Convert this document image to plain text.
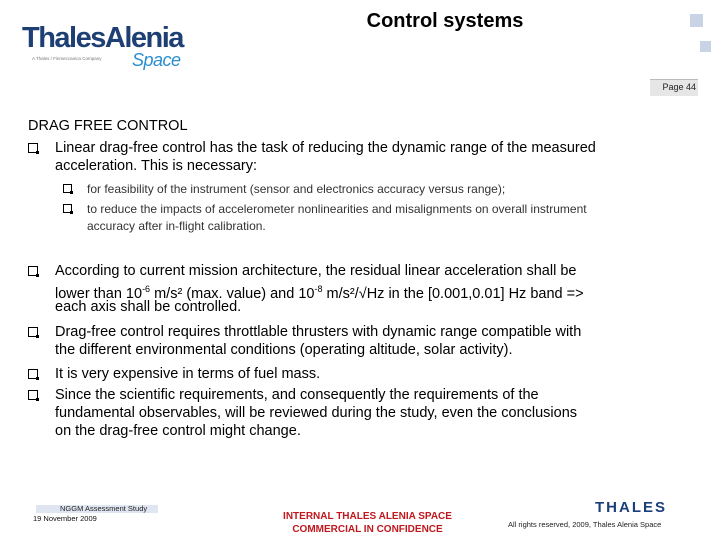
ThalesAlenia
A Thales / Finmeccanica Company Space
Control systems
Page 44
DRAG FREE CONTROL
Linear drag-free control has the task of reducing the dynamic range of the measured
acceleration. This is necessary:
for feasibility of the instrument (sensor and electronics accuracy versus range);
to reduce the impacts of accelerometer nonlinearities and misalignments on overall instrument
accuracy after in-flight calibration.
According to current mission architecture, the residual linear acceleration shall be
lower than $10^{-6}$ m/s² (max. value) and $10^{-8}$ m/s²/√Hz in the [0.001,0.01] Hz band =>
each axis shall be controlled.
Drag-free control requires throttlable thrusters with dynamic range compatible with
the different environmental conditions (operating altitude, solar activity).
It is very expensive in terms of fuel mass.
Since the scientific requirements, and consequently the requirements of the
fundamental observables, will be reviewed during the study, even the conclusions
on the drag-free control might change.
NGGM Assessment Study
19 November 2009	INTERNAL THALES ALENIA SPACE
COMMERCIAL IN CONFIDENCE
THALES
All rights reserved, 2009, Thales Alenia Space
